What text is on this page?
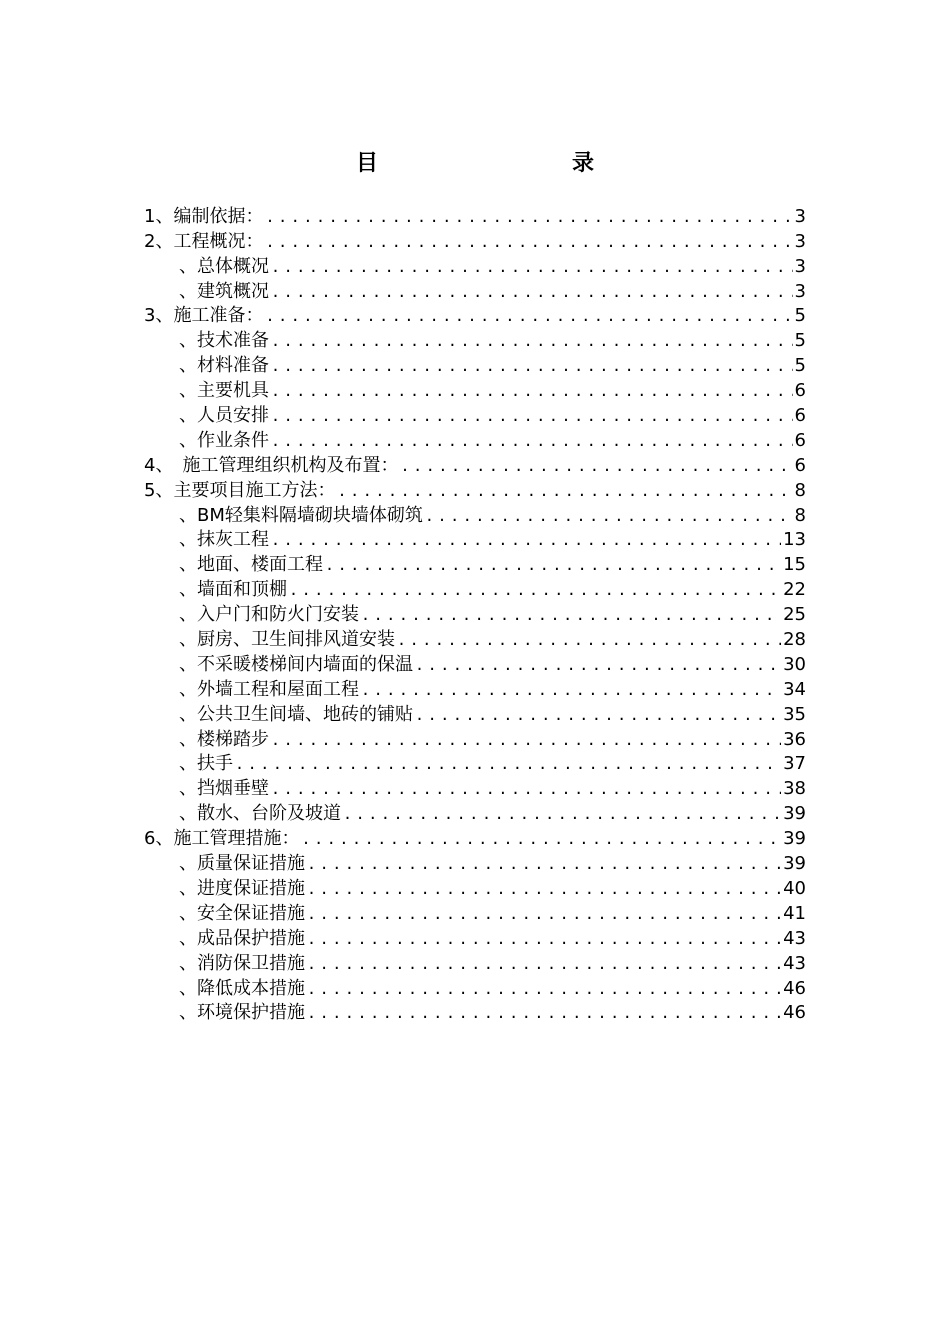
目　录
1、编制依据： .....	3
2、工程概况： .....	3
、总体概况 .....	3
、建筑概况 .....	3
3、施工准备： .....	5
、技术准备 .....	5
、材料准备 .....	5
、主要机具 .....	6
、人员安排 .....	6
、作业条件 .....	6
4、　施工管理组织机构及布置： .....	6
5、主要项目施工方法： .....	8
、BM轻集料隔墙砌块墙体砌筑 .....	8
、抹灰工程 .....	13
、地面、楼面工程 .....	15
、墙面和顶棚 .....	22
、入户门和防火门安装 .....	25
、厨房、卫生间排风道安装 .....	28
、不采暖楼梯间内墙面的保温 .....	30
、外墙工程和屋面工程 .....	34
、公共卫生间墙、地砖的铺贴 .....	35
、楼梯踏步 .....	36
、扶手 .....	37
、挡烟垂壁 .....	38
、散水、台阶及坡道 .....	39
6、施工管理措施： .....	39
、质量保证措施 .....	39
、进度保证措施 .....	40
、安全保证措施 .....	41
、成品保护措施 .....	43
、消防保卫措施 .....	43
、降低成本措施 .....	46
、环境保护措施 .....	46
